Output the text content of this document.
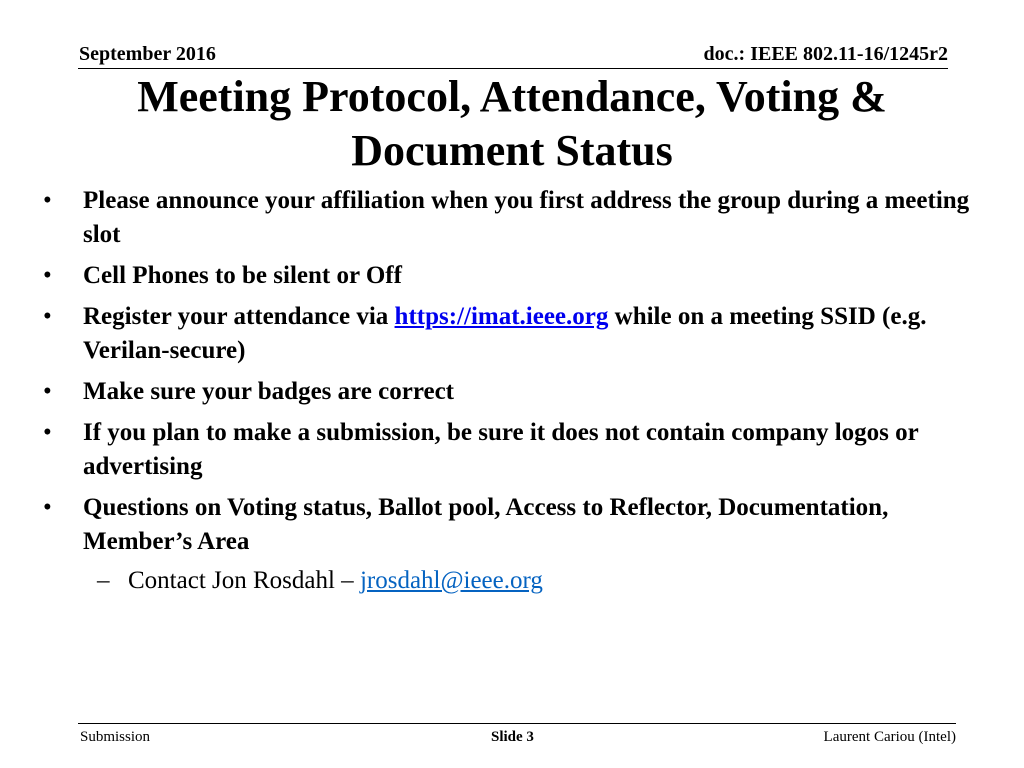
September 2016	doc.: IEEE 802.11-16/1245r2
Meeting Protocol, Attendance, Voting &
Document Status
• Please announce your affiliation when you first address the group during a meeting slot
• Cell Phones to be silent or Off
• Register your attendance via https://imat.ieee.org while on a meeting SSID (e.g. Verilan-secure)
• Make sure your badges are correct
• If you plan to make a submission, be sure it does not contain company logos or advertising
• Questions on Voting status, Ballot pool, Access to Reflector, Documentation, Member’s Area
– Contact Jon Rosdahl – jrosdahl@ieee.org
Submission	Slide 3	Laurent Cariou (Intel)
